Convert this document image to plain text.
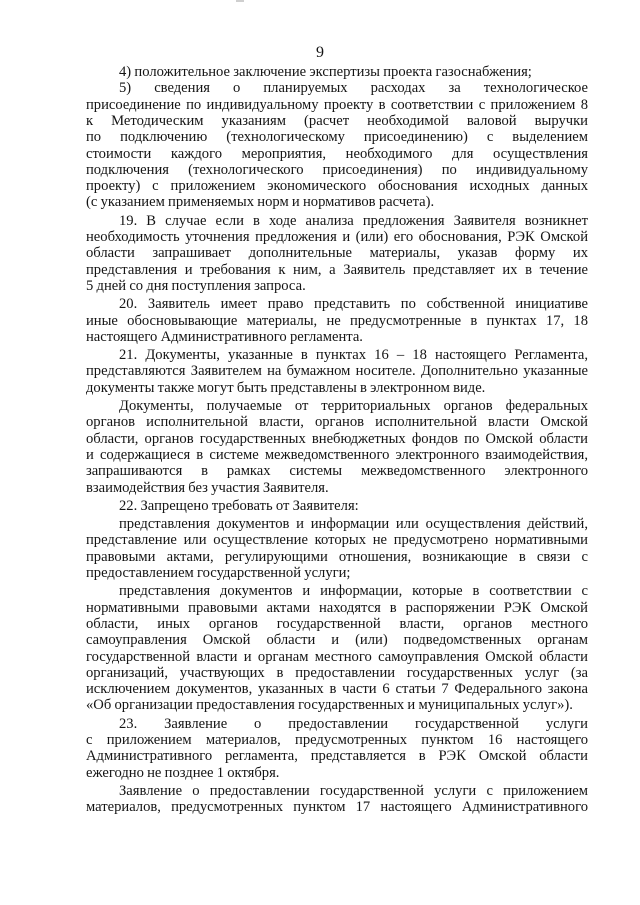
9
4) положительное заключение экспертизы проекта газоснабжения;
5) сведения о планируемых расходах за технологическое
присоединение по индивидуальному проекту в соответствии с приложением 8
к Методическим указаниям (расчет необходимой валовой выручки
по подключению (технологическому присоединению) с выделением
стоимости каждого мероприятия, необходимого для осуществления
подключения (технологического присоединения) по индивидуальному
проекту) с приложением экономического обоснования исходных данных
(с указанием применяемых норм и нормативов расчета).
19. В случае если в ходе анализа предложения Заявителя возникнет
необходимость уточнения предложения и (или) его обоснования, РЭК Омской
области запрашивает дополнительные материалы, указав форму их
представления и требования к ним, а Заявитель представляет их в течение
5 дней со дня поступления запроса.
20. Заявитель имеет право представить по собственной инициативе
иные обосновывающие материалы, не предусмотренные в пунктах 17, 18
настоящего Административного регламента.
21. Документы, указанные в пунктах 16 – 18 настоящего Регламента,
представляются Заявителем на бумажном носителе. Дополнительно указанные
документы также могут быть представлены в электронном виде.
Документы, получаемые от территориальных органов федеральных
органов исполнительной власти, органов исполнительной власти Омской
области, органов государственных внебюджетных фондов по Омской области
и содержащиеся в системе межведомственного электронного взаимодействия,
запрашиваются в рамках системы межведомственного электронного
взаимодействия без участия Заявителя.
22. Запрещено требовать от Заявителя:
представления документов и информации или осуществления действий,
представление или осуществление которых не предусмотрено нормативными
правовыми актами, регулирующими отношения, возникающие в связи с
предоставлением государственной услуги;
представления документов и информации, которые в соответствии с
нормативными правовыми актами находятся в распоряжении РЭК Омской
области, иных органов государственной власти, органов местного
самоуправления Омской области и (или) подведомственных органам
государственной власти и органам местного самоуправления Омской области
организаций, участвующих в предоставлении государственных услуг (за
исключением документов, указанных в части 6 статьи 7 Федерального закона
«Об организации предоставления государственных и муниципальных услуг»).
23. Заявление о предоставлении государственной услуги
с приложением материалов, предусмотренных пунктом 16 настоящего
Административного регламента, представляется в РЭК Омской области
ежегодно не позднее 1 октября.
Заявление о предоставлении государственной услуги с приложением
материалов, предусмотренных пунктом 17 настоящего Административного
